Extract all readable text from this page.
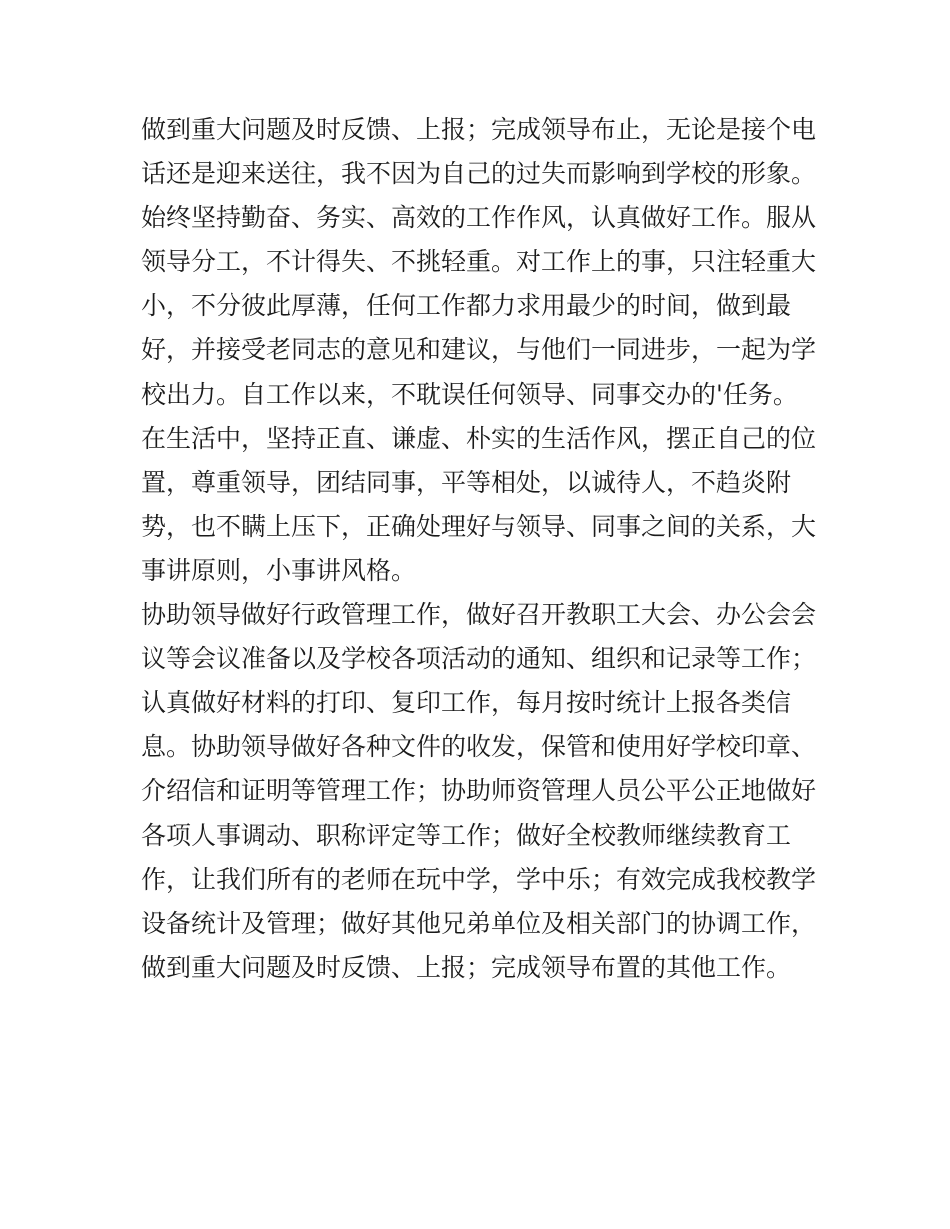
做到重大问题及时反馈、上报；完成领导布止，无论是接个电
话还是迎来送往，我不因为自己的过失而影响到学校的形象。
始终坚持勤奋、务实、高效的工作作风，认真做好工作。服从
领导分工，不计得失、不挑轻重。对工作上的事，只注轻重大
小，不分彼此厚薄，任何工作都力求用最少的时间，做到最
好，并接受老同志的意见和建议，与他们一同进步，一起为学
校出力。自工作以来，不耽误任何领导、同事交办的'任务。
在生活中，坚持正直、谦虚、朴实的生活作风，摆正自己的位
置，尊重领导，团结同事，平等相处，以诚待人，不趋炎附
势，也不瞒上压下，正确处理好与领导、同事之间的关系，大
事讲原则，小事讲风格。
协助领导做好行政管理工作，做好召开教职工大会、办公会会
议等会议准备以及学校各项活动的通知、组织和记录等工作；
认真做好材料的打印、复印工作，每月按时统计上报各类信
息。协助领导做好各种文件的收发，保管和使用好学校印章、
介绍信和证明等管理工作；协助师资管理人员公平公正地做好
各项人事调动、职称评定等工作；做好全校教师继续教育工
作，让我们所有的老师在玩中学，学中乐；有效完成我校教学
设备统计及管理；做好其他兄弟单位及相关部门的协调工作，
做到重大问题及时反馈、上报；完成领导布置的其他工作。
